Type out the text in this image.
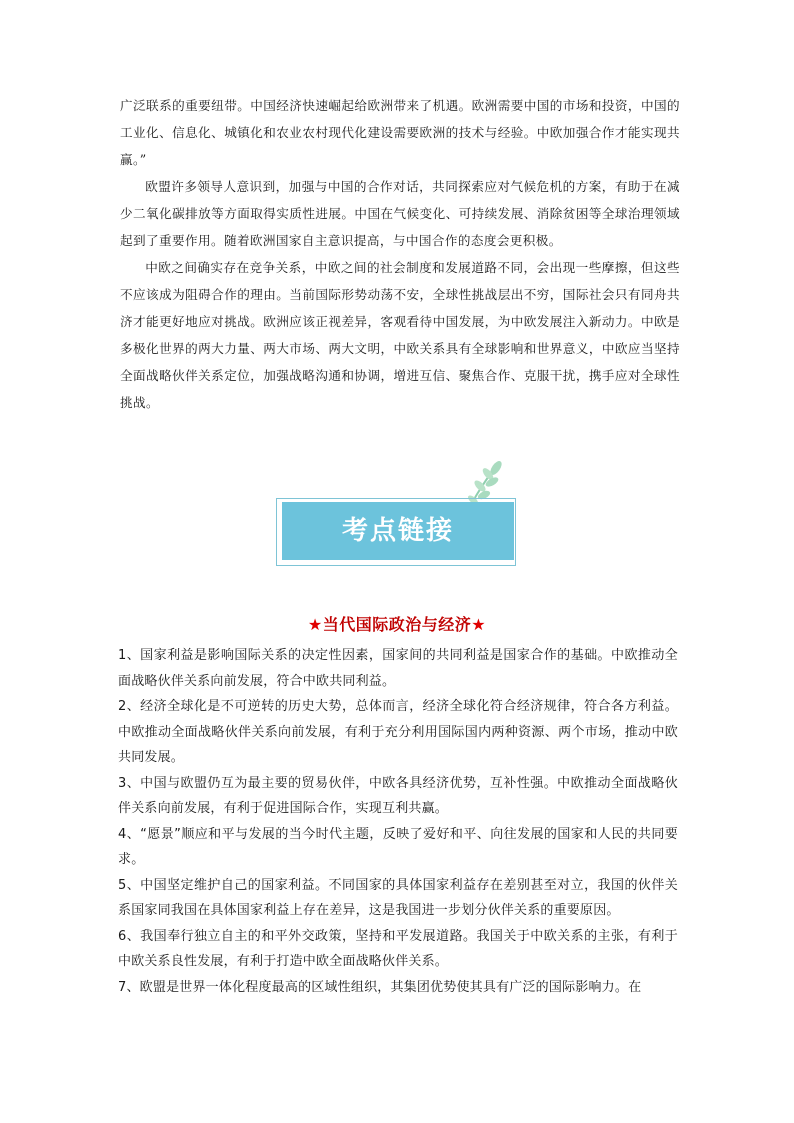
广泛联系的重要纽带。中国经济快速崛起给欧洲带来了机遇。欧洲需要中国的市场和投资，中国的工业化、信息化、城镇化和农业农村现代化建设需要欧洲的技术与经验。中欧加强合作才能实现共赢。”

欧盟许多领导人意识到，加强与中国的合作对话，共同探索应对气候危机的方案，有助于在减少二氧化碳排放等方面取得实质性进展。中国在气候变化、可持续发展、消除贫困等全球治理领域起到了重要作用。随着欧洲国家自主意识提高，与中国合作的态度会更积极。

中欧之间确实存在竞争关系，中欧之间的社会制度和发展道路不同，会出现一些摩擦，但这些不应该成为阻碍合作的理由。当前国际形势动荡不安，全球性挑战层出不穷，国际社会只有同舟共济才能更好地应对挑战。欧洲应该正视差异，客观看待中国发展，为中欧发展注入新动力。中欧是多极化世界的两大力量、两大市场、两大文明，中欧关系具有全球影响和世界意义，中欧应当坚持全面战略伙伴关系定位，加强战略沟通和协调，增进互信、聚焦合作、克服干扰，携手应对全球性挑战。

考点链接
★当代国际政治与经济★

1、国家利益是影响国际关系的决定性因素，国家间的共同利益是国家合作的基础。中欧推动全面战略伙伴关系向前发展，符合中欧共同利益。

2、经济全球化是不可逆转的历史大势，总体而言，经济全球化符合经济规律，符合各方利益。中欧推动全面战略伙伴关系向前发展，有利于充分利用国际国内两种资源、两个市场，推动中欧共同发展。

3、中国与欧盟仍互为最主要的贸易伙伴，中欧各具经济优势，互补性强。中欧推动全面战略伙伴关系向前发展，有利于促进国际合作，实现互利共赢。

4、“愿景”顺应和平与发展的当今时代主题，反映了爱好和平、向往发展的国家和人民的共同要求。

5、中国坚定维护自己的国家利益。不同国家的具体国家利益存在差别甚至对立，我国的伙伴关系国家同我国在具体国家利益上存在差异，这是我国进一步划分伙伴关系的重要原因。

6、我国奉行独立自主的和平外交政策，坚持和平发展道路。我国关于中欧关系的主张，有利于中欧关系良性发展，有利于打造中欧全面战略伙伴关系。

7、欧盟是世界一体化程度最高的区域性组织，其集团优势使其具有广泛的国际影响力。在
